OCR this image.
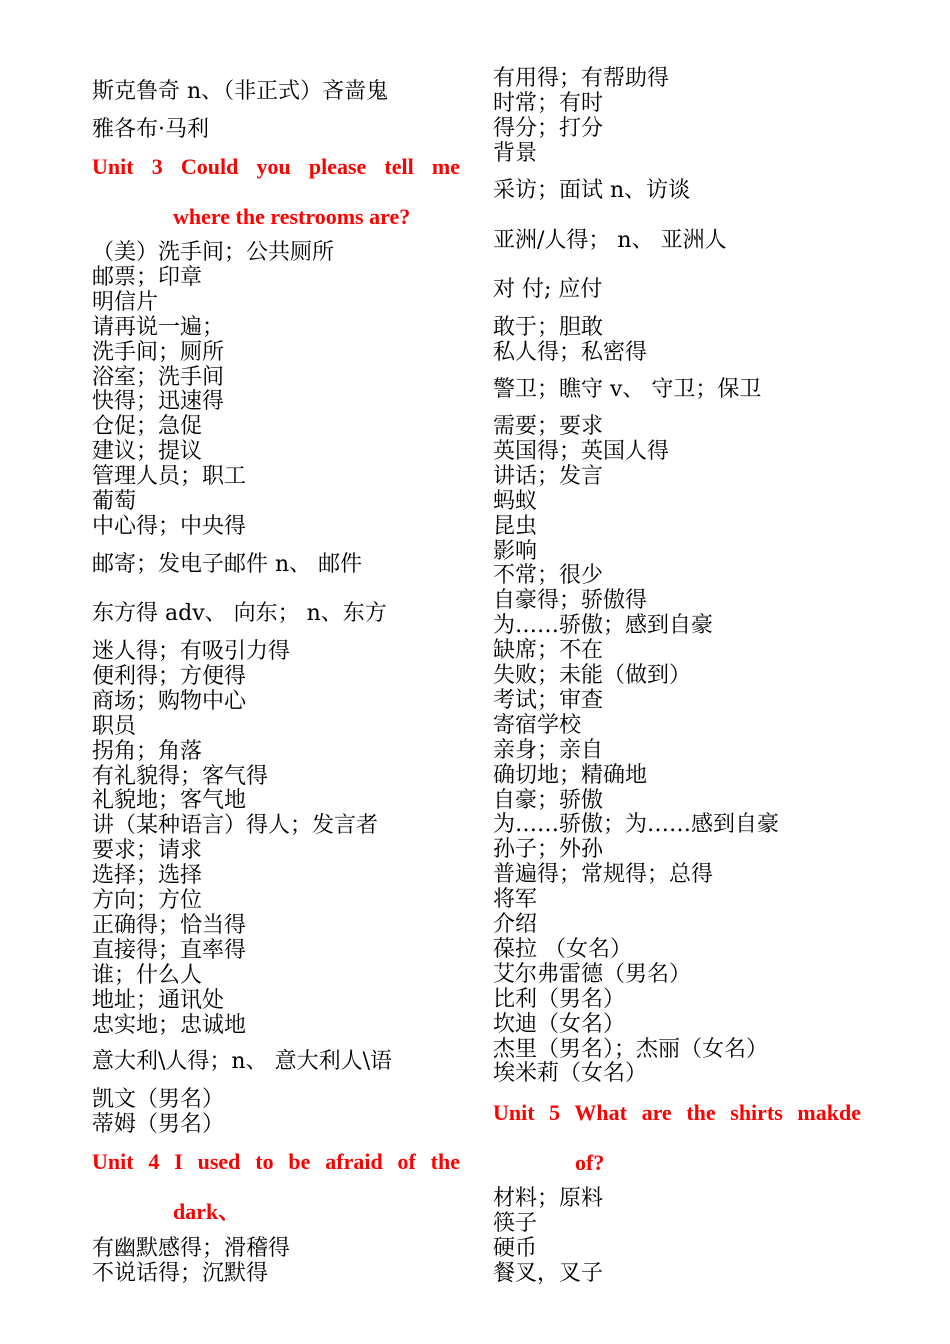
斯克鲁奇 n、（非正式）吝啬鬼
雅各布·马利
Unit 3 Could you please tell me
where the restrooms are?
（美）洗手间；公共厕所
邮票；印章
明信片
请再说一遍；
洗手间；厕所
浴室；洗手间
快得；迅速得
仓促；急促
建议；提议
管理人员；职工
葡萄
中心得；中央得
邮寄；发电子邮件 n、 邮件
东方得 adv、 向东； n、东方
迷人得；有吸引力得
便利得；方便得
商场；购物中心
职员
拐角；角落
有礼貌得；客气得
礼貌地；客气地
讲（某种语言）得人；发言者
要求；请求
选择；选择
方向；方位
正确得；恰当得
直接得；直率得
谁；什么人
地址；通讯处
忠实地；忠诚地
意大利\人得；n、 意大利人\语
凯文（男名）
蒂姆（男名）
Unit 4 I used to be afraid of the
dark、
有幽默感得；滑稽得
不说话得；沉默得
有用得；有帮助得
时常；有时
得分；打分
背景
采访；面试 n、访谈
亚洲/人得； n、 亚洲人
对 付; 应付
敢于；胆敢
私人得；私密得
警卫；瞧守 v、 守卫；保卫
需要；要求
英国得；英国人得
讲话；发言
蚂蚁
昆虫
影响
不常；很少
自豪得；骄傲得
为……骄傲；感到自豪
缺席；不在
失败；未能（做到）
考试；审查
寄宿学校
亲身；亲自
确切地；精确地
自豪；骄傲
为……骄傲；为……感到自豪
孙子；外孙
普遍得；常规得；总得
将军
介绍
葆拉 （女名）
艾尔弗雷德（男名）
比利（男名）
坎迪（女名）
杰里（男名）；杰丽（女名）
埃米莉（女名）
Unit 5 What are the shirts makde
of?
材料；原料
筷子
硬币
餐叉，叉子
